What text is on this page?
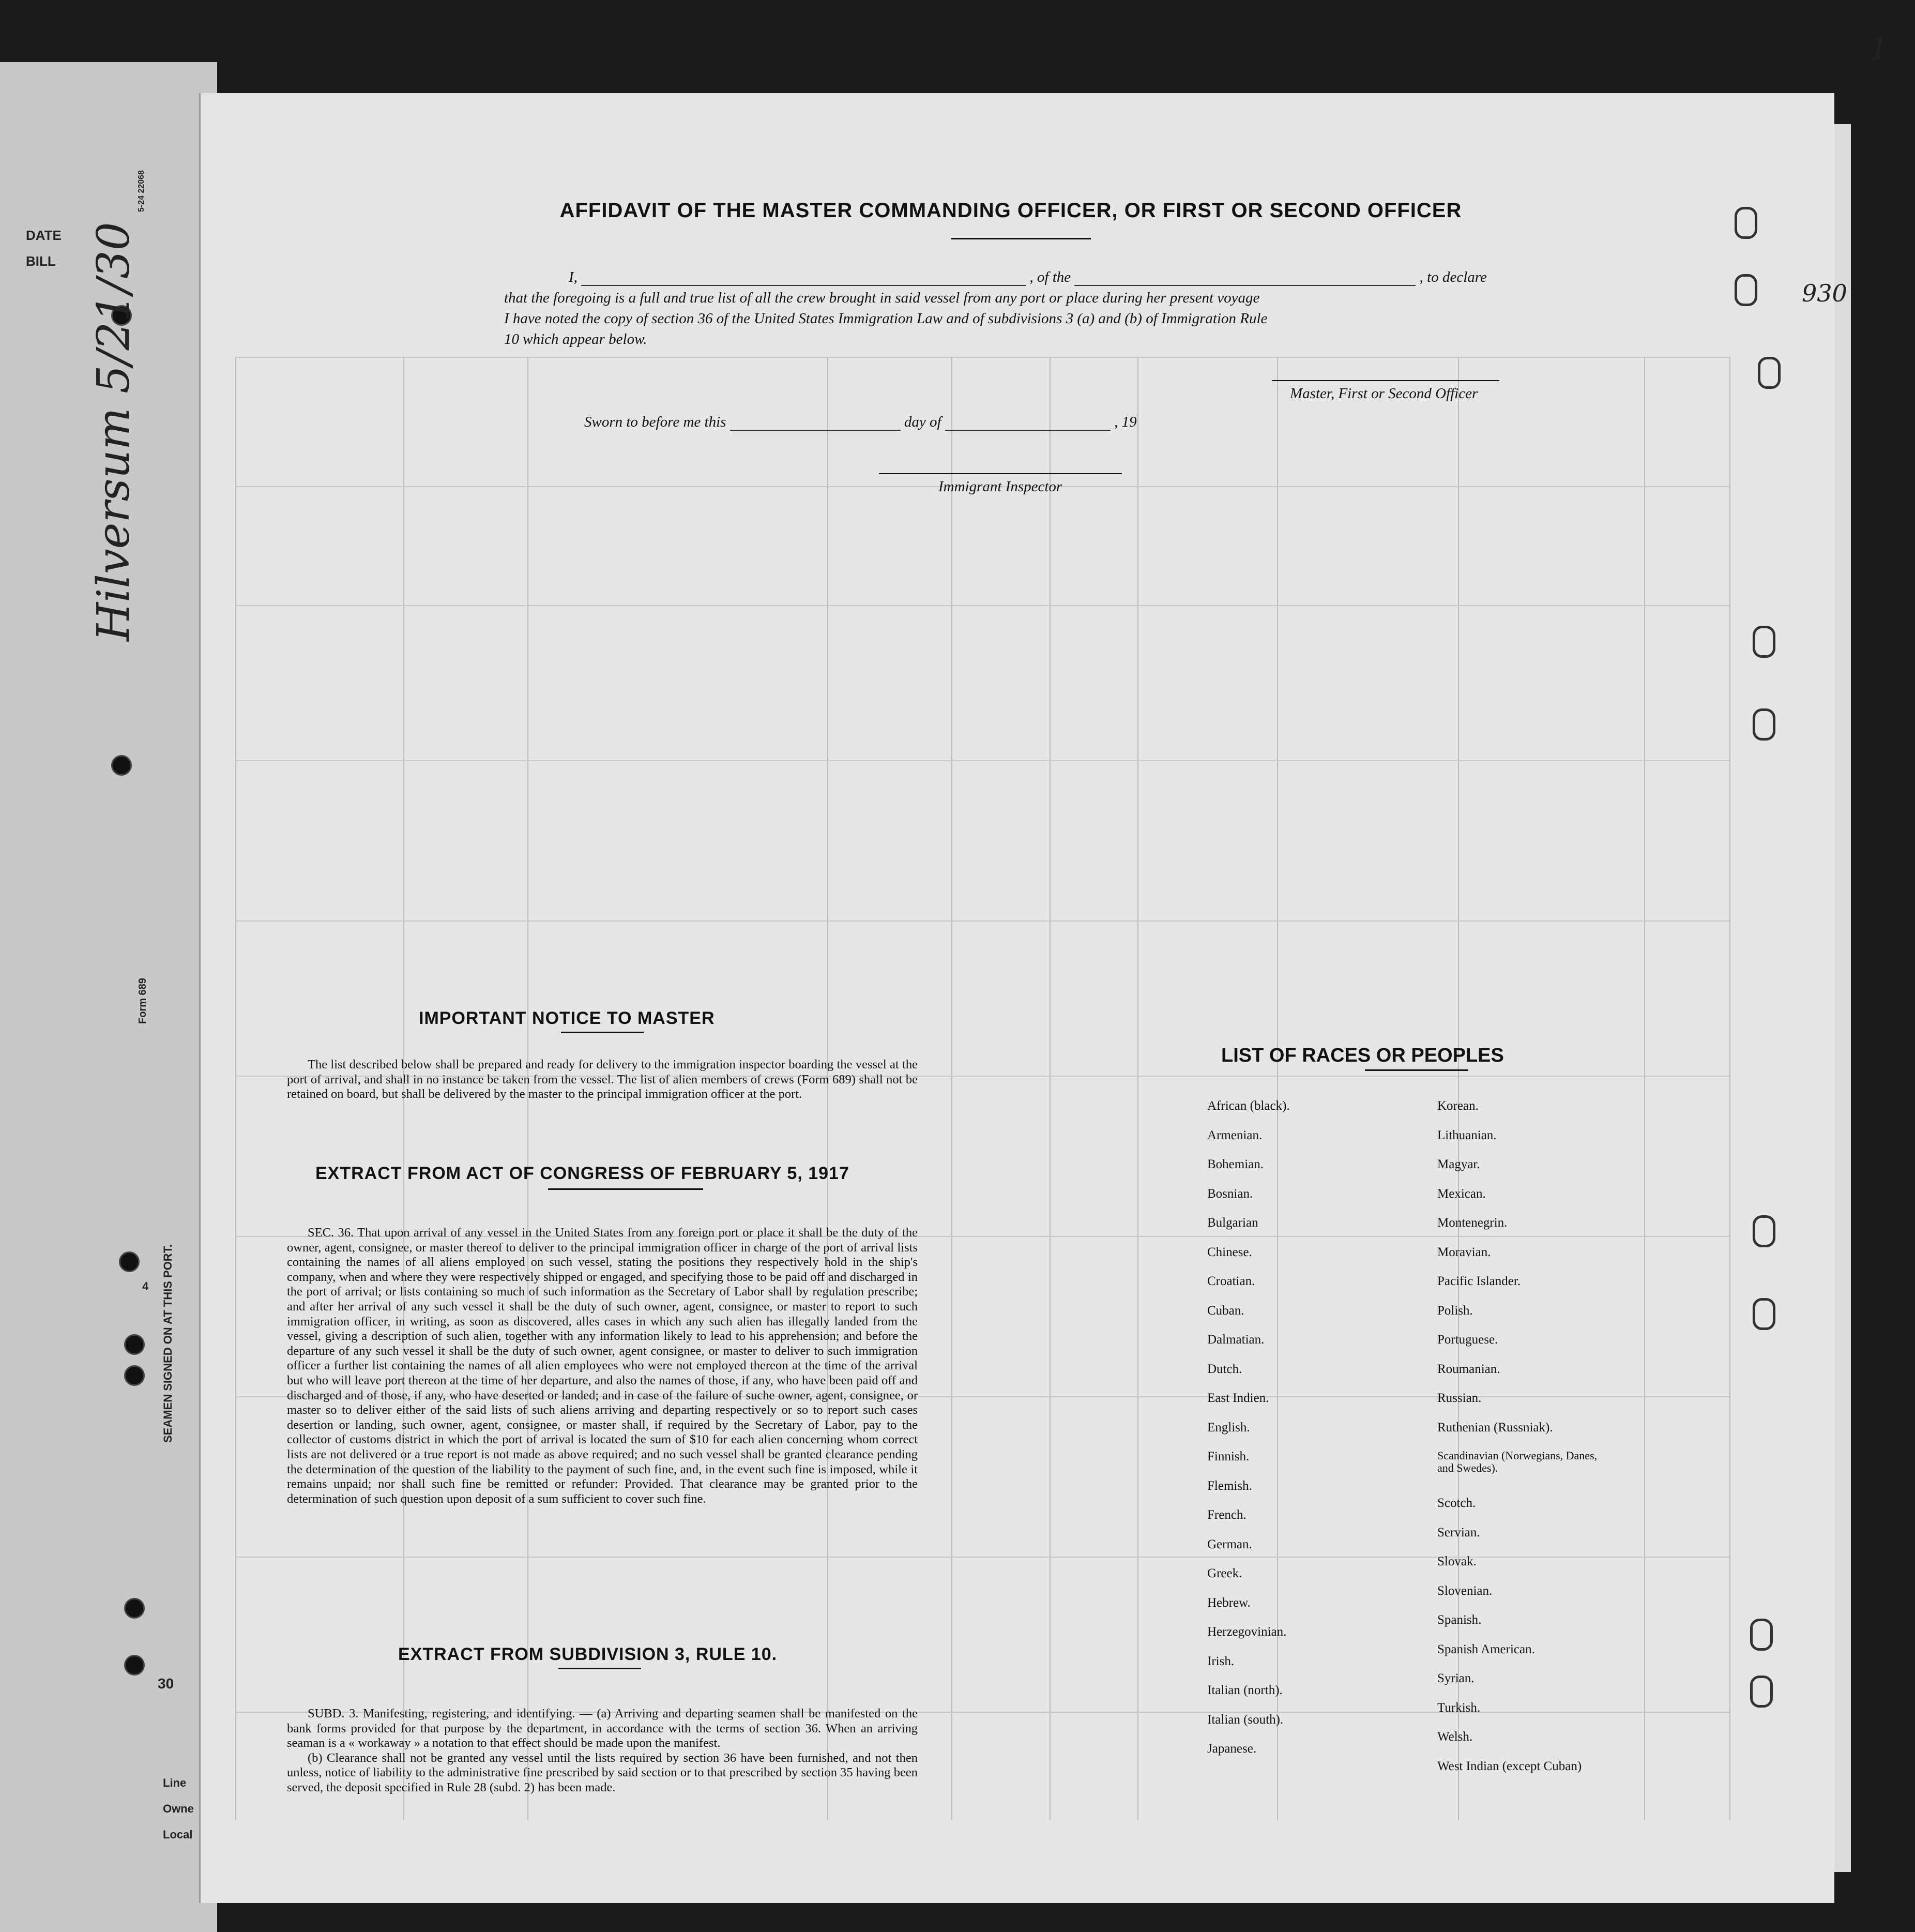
DATE
BILL
Line
Owne
Local
30
Form 689
5-24 22068
SEAMEN SIGNED ON AT THIS PORT.
4
Hilversum 5/21/30	930
1
AFFIDAVIT OF THE MASTER COMMANDING OFFICER, OR FIRST OR SECOND OFFICER
I,	, of the	, to declare
that the foregoing is a full and true list of all the crew brought in said vessel from any port or place during her present voyage
I have noted the copy of section 36 of the United States Immigration Law and of subdivisions 3 (a) and (b) of Immigration Rule
10 which appear below.
Master, First or Second Officer
Sworn to before me this	day of	, 19
Immigrant Inspector
IMPORTANT NOTICE TO MASTER

The list described below shall be prepared and ready for delivery to the immigration inspector boarding the vessel at the port of arrival, and shall in no instance be taken from the vessel. The list of alien members of crews (Form 689) shall not be retained on board, but shall be delivered by the master to the principal immigration officer at the port.

EXTRACT FROM ACT OF CONGRESS OF FEBRUARY 5, 1917

SEC. 36. That upon arrival of any vessel in the United States from any foreign port or place it shall be the duty of the owner, agent, consignee, or master thereof to deliver to the principal immigration officer in charge of the port of arrival lists containing the names of all aliens employed on such vessel, stating the positions they respectively hold in the ship's company, when and where they were respectively shipped or engaged, and specifying those to be paid off and discharged in the port of arrival; or lists containing so much of such information as the Secretary of Labor shall by regulation prescribe; and after her arrival of any such vessel it shall be the duty of such owner, agent, consignee, or master to report to such immigration officer, in writing, as soon as discovered, alles cases in which any such alien has illegally landed from the vessel, giving a description of such alien, together with any information likely to lead to his apprehension; and before the departure of any such vessel it shall be the duty of such owner, agent consignee, or master to deliver to such immigration officer a further list containing the names of all alien employees who were not employed thereon at the time of the arrival but who will leave port thereon at the time of her departure, and also the names of those, if any, who have been paid off and discharged and of those, if any, who have deserted or landed; and in case of the failure of suche owner, agent, consignee, or master so to deliver either of the said lists of such aliens arriving and departing respectively or so to report such cases desertion or landing, such owner, agent, consignee, or master shall, if required by the Secretary of Labor, pay to the collector of customs district in which the port of arrival is located the sum of $10 for each alien concerning whom correct lists are not delivered or a true report is not made as above required; and no such vessel shall be granted clearance pending the determination of the question of the liability to the payment of such fine, and, in the event such fine is imposed, while it remains unpaid; nor shall such fine be remitted or refunder: Provided. That clearance may be granted prior to the determination of such question upon deposit of a sum sufficient to cover such fine.

EXTRACT FROM SUBDIVISION 3, RULE 10.

SUBD. 3. Manifesting, registering, and identifying. — (a) Arriving and departing seamen shall be manifested on the bank forms provided for that purpose by the department, in accordance with the terms of section 36. When an arriving seaman is a « workaway » a notation to that effect should be made upon the manifest.

(b) Clearance shall not be granted any vessel until the lists required by section 36 have been furnished, and not then unless, notice of liability to the administrative fine prescribed by said section or to that prescribed by section 35 having been served, the deposit specified in Rule 28 (subd. 2) has been made.

LIST OF RACES OR PEOPLES
African (black).
Armenian.
Bohemian.
Bosnian.
Bulgarian
Chinese.
Croatian.
Cuban.
Dalmatian.
Dutch.
East Indien.
English.
Finnish.
Flemish.
French.
German.
Greek.
Hebrew.
Herzegovinian.
Irish.
Italian (north).
Italian (south).
Japanese.
Korean.
Lithuanian.
Magyar.
Mexican.
Montenegrin.
Moravian.
Pacific Islander.
Polish.
Portuguese.
Roumanian.
Russian.
Ruthenian (Russniak).
Scandinavian (Norwegians, Danes, and Swedes).
Scotch.
Servian.
Slovak.
Slovenian.
Spanish.
Spanish American.
Syrian.
Turkish.
Welsh.
West Indian (except Cuban)
